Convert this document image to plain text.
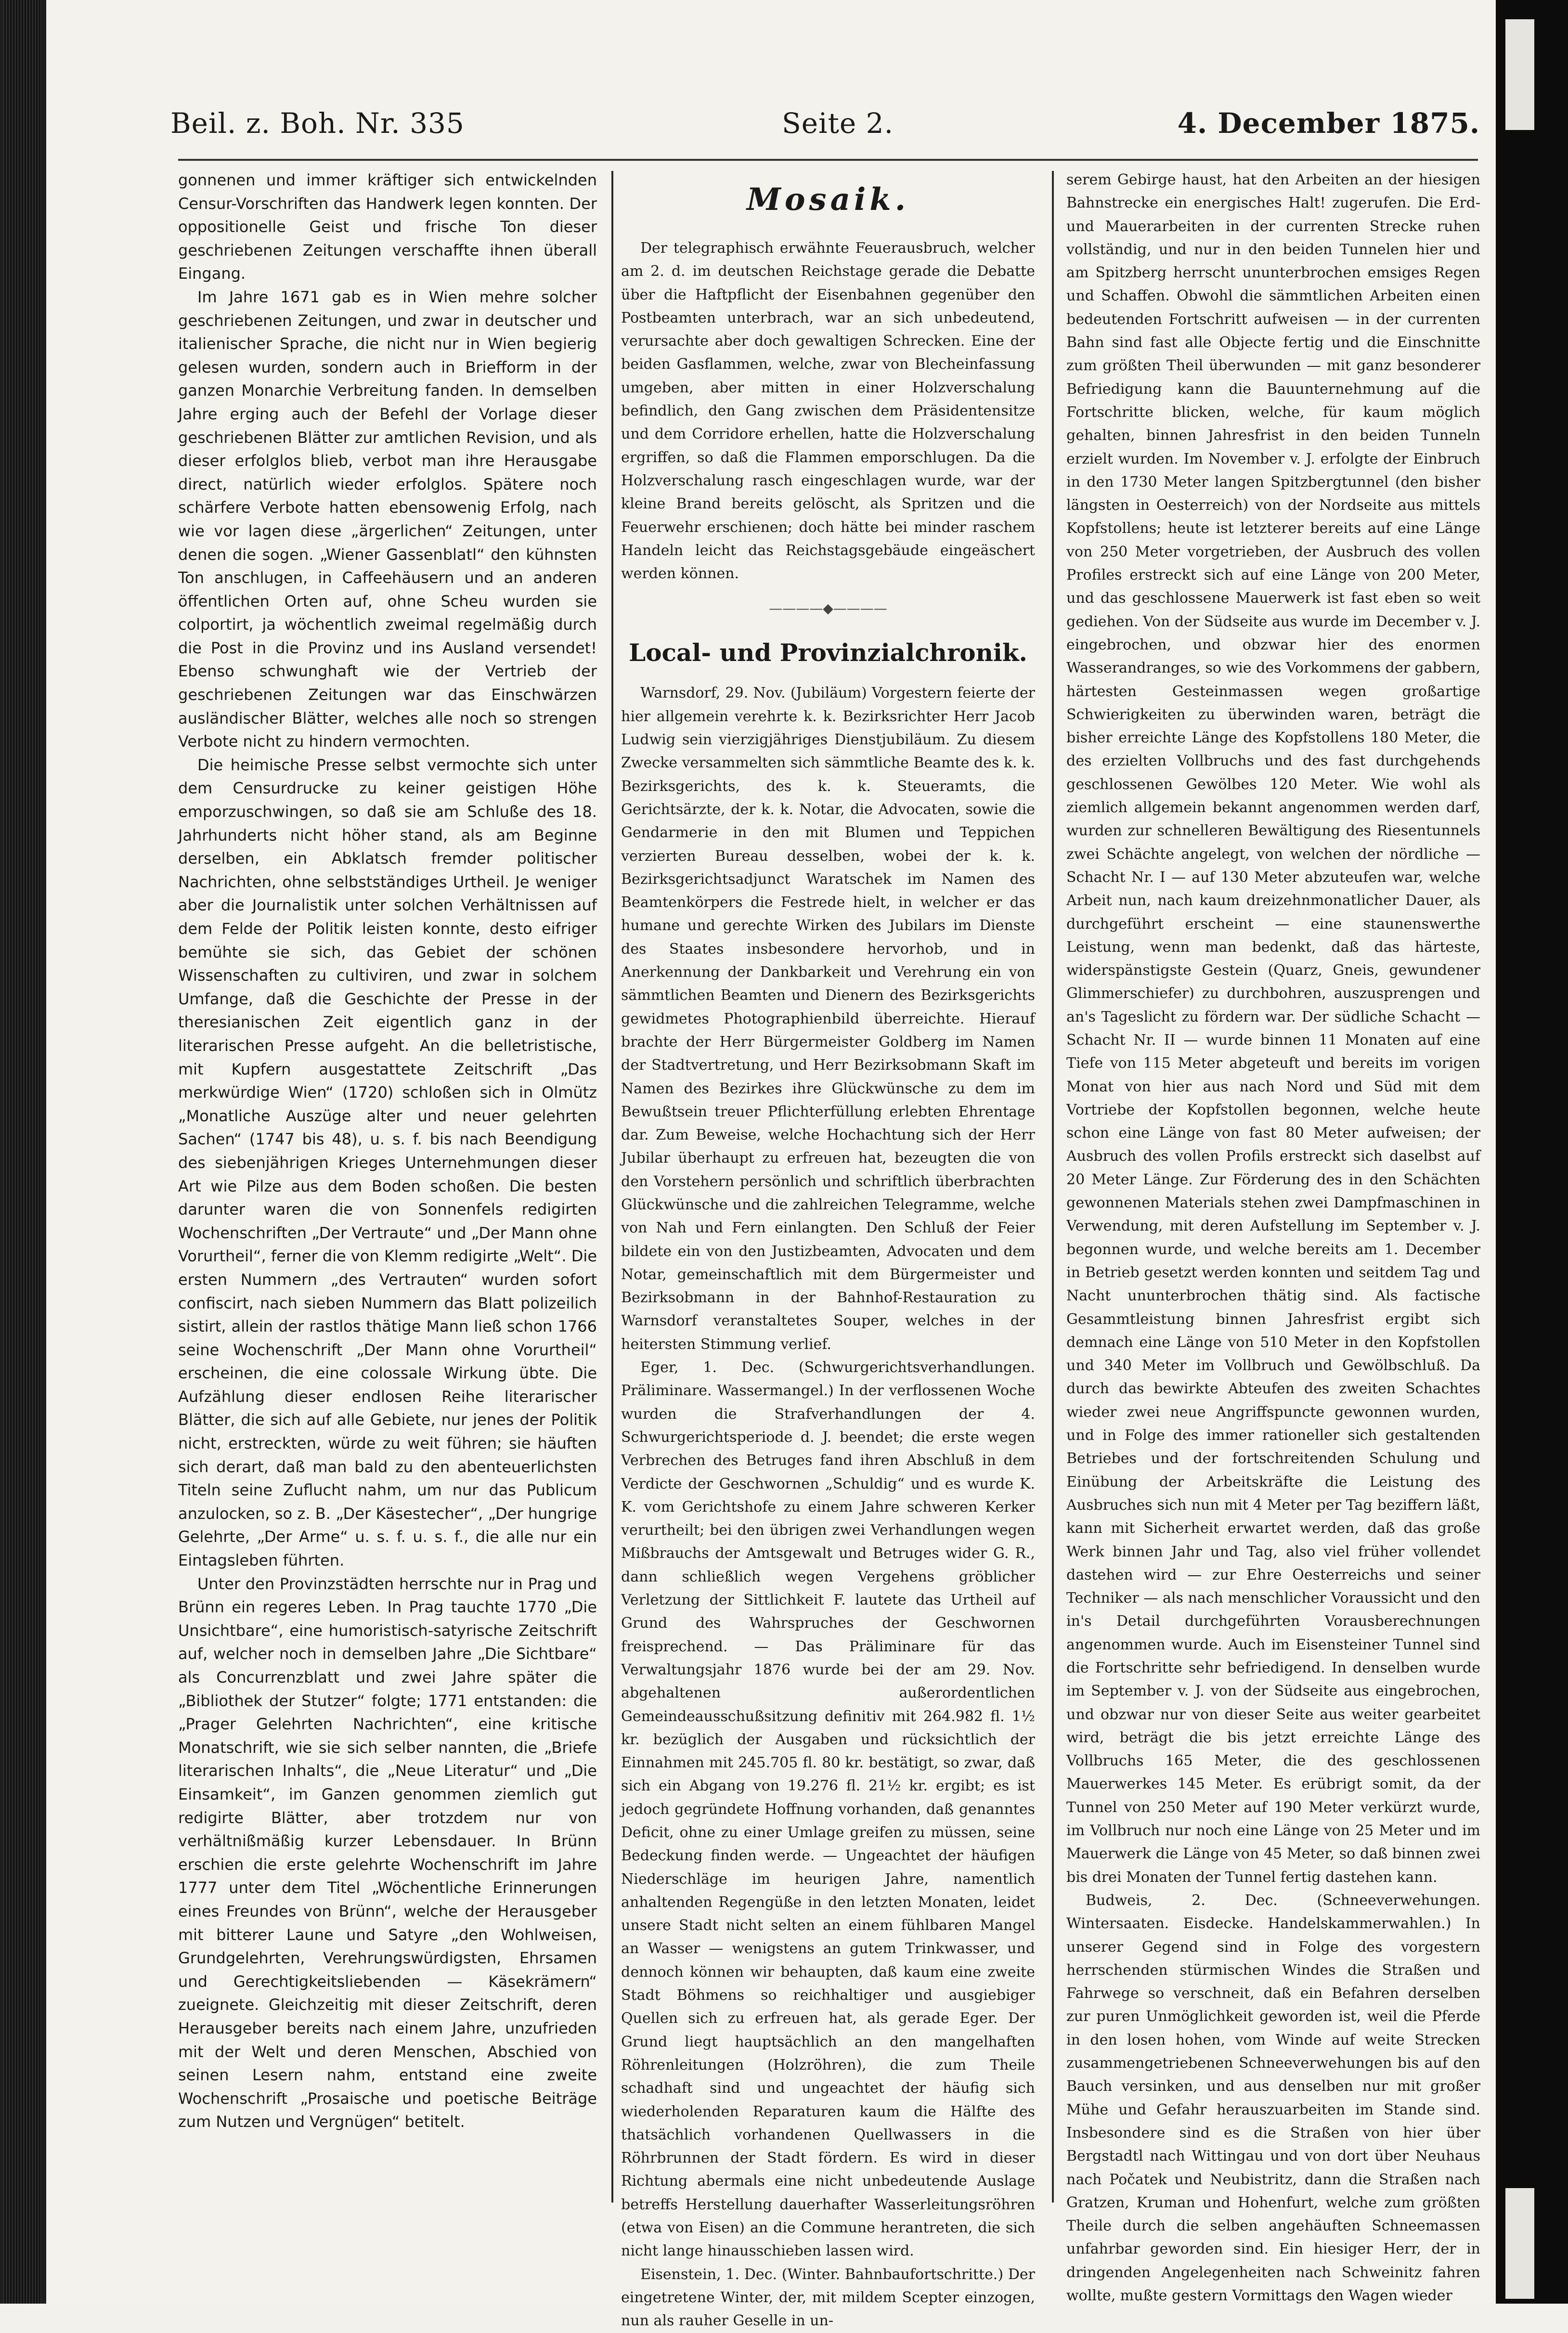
Beil. z. Boh. Nr. 335	Seite 2.	4. December 1875.

gonnenen und immer kräftiger sich entwickelnden Censur-Vorschriften das Handwerk legen konnten. Der oppositionelle Geist und frische Ton dieser geschriebenen Zeitungen verschaffte ihnen überall Eingang.

Im Jahre 1671 gab es in Wien mehre solcher geschriebenen Zeitungen, und zwar in deutscher und italienischer Sprache, die nicht nur in Wien begierig gelesen wurden, sondern auch in Briefform in der ganzen Monarchie Verbreitung fanden. In demselben Jahre erging auch der Befehl der Vorlage dieser geschriebenen Blätter zur amtlichen Revision, und als dieser erfolglos blieb, verbot man ihre Herausgabe direct, natürlich wieder erfolglos. Spätere noch schärfere Verbote hatten ebensowenig Erfolg, nach wie vor lagen diese „ärgerlichen“ Zeitungen, unter denen die sogen. „Wiener Gassenblatl“ den kühnsten Ton anschlugen, in Caffeehäusern und an anderen öffentlichen Orten auf, ohne Scheu wurden sie colportirt, ja wöchentlich zweimal regelmäßig durch die Post in die Provinz und ins Ausland versendet! Ebenso schwunghaft wie der Vertrieb der geschriebenen Zeitungen war das Einschwärzen ausländischer Blätter, welches alle noch so strengen Verbote nicht zu hindern vermochten.

Die heimische Presse selbst vermochte sich unter dem Censurdrucke zu keiner geistigen Höhe emporzuschwingen, so daß sie am Schluße des 18. Jahrhunderts nicht höher stand, als am Beginne derselben, ein Abklatsch fremder politischer Nachrichten, ohne selbstständiges Urtheil. Je weniger aber die Journalistik unter solchen Verhältnissen auf dem Felde der Politik leisten konnte, desto eifriger bemühte sie sich, das Gebiet der schönen Wissenschaften zu cultiviren, und zwar in solchem Umfange, daß die Geschichte der Presse in der theresianischen Zeit eigentlich ganz in der literarischen Presse aufgeht. An die belletristische, mit Kupfern ausgestattete Zeitschrift „Das merkwürdige Wien“ (1720) schloßen sich in Olmütz „Monatliche Auszüge alter und neuer gelehrten Sachen“ (1747 bis 48), u. s. f. bis nach Beendigung des siebenjährigen Krieges Unternehmungen dieser Art wie Pilze aus dem Boden schoßen. Die besten darunter waren die von Sonnenfels redigirten Wochenschriften „Der Vertraute“ und „Der Mann ohne Vorurtheil“, ferner die von Klemm redigirte „Welt“. Die ersten Nummern „des Vertrauten“ wurden sofort confiscirt, nach sieben Nummern das Blatt polizeilich sistirt, allein der rastlos thätige Mann ließ schon 1766 seine Wochenschrift „Der Mann ohne Vorurtheil“ erscheinen, die eine colossale Wirkung übte. Die Aufzählung dieser endlosen Reihe literarischer Blätter, die sich auf alle Gebiete, nur jenes der Politik nicht, erstreckten, würde zu weit führen; sie häuften sich derart, daß man bald zu den abenteuerlichsten Titeln seine Zuflucht nahm, um nur das Publicum anzulocken, so z. B. „Der Käsestecher“, „Der hungrige Gelehrte, „Der Arme“ u. s. f. u. s. f., die alle nur ein Eintagsleben führten.

Unter den Provinzstädten herrschte nur in Prag und Brünn ein regeres Leben. In Prag tauchte 1770 „Die Unsichtbare“, eine humoristisch-satyrische Zeitschrift auf, welcher noch in demselben Jahre „Die Sichtbare“ als Concurrenzblatt und zwei Jahre später die „Bibliothek der Stutzer“ folgte; 1771 entstanden: die „Prager Gelehrten Nachrichten“, eine kritische Monatschrift, wie sie sich selber nannten, die „Briefe literarischen Inhalts“, die „Neue Literatur“ und „Die Einsamkeit“, im Ganzen genommen ziemlich gut redigirte Blätter, aber trotzdem nur von verhältnißmäßig kurzer Lebensdauer. In Brünn erschien die erste gelehrte Wochenschrift im Jahre 1777 unter dem Titel „Wöchentliche Erinnerungen eines Freundes von Brünn“, welche der Herausgeber mit bitterer Laune und Satyre „den Wohlweisen, Grundgelehrten, Verehrungswürdigsten, Ehrsamen und Gerechtigkeitsliebenden — Käsekrämern“ zueignete. Gleichzeitig mit dieser Zeitschrift, deren Herausgeber bereits nach einem Jahre, unzufrieden mit der Welt und deren Menschen, Abschied von seinen Lesern nahm, entstand eine zweite Wochenschrift „Prosaische und poetische Beiträge zum Nutzen und Vergnügen“ betitelt.

Mosaik.

Der telegraphisch erwähnte Feuerausbruch, welcher am 2. d. im deutschen Reichstage gerade die Debatte über die Haftpflicht der Eisenbahnen gegenüber den Postbeamten unterbrach, war an sich unbedeutend, verursachte aber doch gewaltigen Schrecken. Eine der beiden Gasflammen, welche, zwar von Blecheinfassung umgeben, aber mitten in einer Holzverschalung befindlich, den Gang zwischen dem Präsidentensitze und dem Corridore erhellen, hatte die Holzverschalung ergriffen, so daß die Flammen emporschlugen. Da die Holzverschalung rasch eingeschlagen wurde, war der kleine Brand bereits gelöscht, als Spritzen und die Feuerwehr erschienen; doch hätte bei minder raschem Handeln leicht das Reichstagsgebäude eingeäschert werden können.

————◆————
Local- und Provinzialchronik.

Warnsdorf, 29. Nov. (Jubiläum) Vorgestern feierte der hier allgemein verehrte k. k. Bezirksrichter Herr Jacob Ludwig sein vierzigjähriges Dienstjubiläum. Zu diesem Zwecke versammelten sich sämmtliche Beamte des k. k. Bezirksgerichts, des k. k. Steueramts, die Gerichtsärzte, der k. k. Notar, die Advocaten, sowie die Gendarmerie in den mit Blumen und Teppichen verzierten Bureau desselben, wobei der k. k. Bezirksgerichtsadjunct Waratschek im Namen des Beamtenkörpers die Festrede hielt, in welcher er das humane und gerechte Wirken des Jubilars im Dienste des Staates insbesondere hervorhob, und in Anerkennung der Dankbarkeit und Verehrung ein von sämmtlichen Beamten und Dienern des Bezirksgerichts gewidmetes Photographienbild überreichte. Hierauf brachte der Herr Bürgermeister Goldberg im Namen der Stadtvertretung, und Herr Bezirksobmann Skaft im Namen des Bezirkes ihre Glückwünsche zu dem im Bewußtsein treuer Pflichterfüllung erlebten Ehrentage dar. Zum Beweise, welche Hochachtung sich der Herr Jubilar überhaupt zu erfreuen hat, bezeugten die von den Vorstehern persönlich und schriftlich überbrachten Glückwünsche und die zahlreichen Telegramme, welche von Nah und Fern einlangten. Den Schluß der Feier bildete ein von den Justizbeamten, Advocaten und dem Notar, gemeinschaftlich mit dem Bürgermeister und Bezirksobmann in der Bahnhof-Restauration zu Warnsdorf veranstaltetes Souper, welches in der heitersten Stimmung verlief.

Eger, 1. Dec. (Schwurgerichtsverhandlungen. Präliminare. Wassermangel.) In der verflossenen Woche wurden die Strafverhandlungen der 4. Schwurgerichtsperiode d. J. beendet; die erste wegen Verbrechen des Betruges fand ihren Abschluß in dem Verdicte der Geschwornen „Schuldig“ und es wurde K. K. vom Gerichtshofe zu einem Jahre schweren Kerker verurtheilt; bei den übrigen zwei Verhandlungen wegen Mißbrauchs der Amtsgewalt und Betruges wider G. R., dann schließlich wegen Vergehens gröblicher Verletzung der Sittlichkeit F. lautete das Urtheil auf Grund des Wahrspruches der Geschwornen freisprechend. — Das Präliminare für das Verwaltungsjahr 1876 wurde bei der am 29. Nov. abgehaltenen außerordentlichen Gemeindeausschußsitzung definitiv mit 264.982 fl. 1½ kr. bezüglich der Ausgaben und rücksichtlich der Einnahmen mit 245.705 fl. 80 kr. bestätigt, so zwar, daß sich ein Abgang von 19.276 fl. 21½ kr. ergibt; es ist jedoch gegründete Hoffnung vorhanden, daß genanntes Deficit, ohne zu einer Umlage greifen zu müssen, seine Bedeckung finden werde. — Ungeachtet der häufigen Niederschläge im heurigen Jahre, namentlich anhaltenden Regengüße in den letzten Monaten, leidet unsere Stadt nicht selten an einem fühlbaren Mangel an Wasser — wenigstens an gutem Trinkwasser, und dennoch können wir behaupten, daß kaum eine zweite Stadt Böhmens so reichhaltiger und ausgiebiger Quellen sich zu erfreuen hat, als gerade Eger. Der Grund liegt hauptsächlich an den mangelhaften Röhrenleitungen (Holzröhren), die zum Theile schadhaft sind und ungeachtet der häufig sich wiederholenden Reparaturen kaum die Hälfte des thatsächlich vorhandenen Quellwassers in die Röhrbrunnen der Stadt fördern. Es wird in dieser Richtung abermals eine nicht unbedeutende Auslage betreffs Herstellung dauerhafter Wasserleitungsröhren (etwa von Eisen) an die Commune herantreten, die sich nicht lange hinausschieben lassen wird.

Eisenstein, 1. Dec. (Winter. Bahnbaufortschritte.) Der eingetretene Winter, der, mit mildem Scepter einzogen, nun als rauher Geselle in un-

serem Gebirge haust, hat den Arbeiten an der hiesigen Bahnstrecke ein energisches Halt! zugerufen. Die Erd- und Mauerarbeiten in der currenten Strecke ruhen vollständig, und nur in den beiden Tunnelen hier und am Spitzberg herrscht ununterbrochen emsiges Regen und Schaffen. Obwohl die sämmtlichen Arbeiten einen bedeutenden Fortschritt aufweisen — in der currenten Bahn sind fast alle Objecte fertig und die Einschnitte zum größten Theil überwunden — mit ganz besonderer Befriedigung kann die Bauunternehmung auf die Fortschritte blicken, welche, für kaum möglich gehalten, binnen Jahresfrist in den beiden Tunneln erzielt wurden. Im November v. J. erfolgte der Einbruch in den 1730 Meter langen Spitzbergtunnel (den bisher längsten in Oesterreich) von der Nordseite aus mittels Kopfstollens; heute ist letzterer bereits auf eine Länge von 250 Meter vorgetrieben, der Ausbruch des vollen Profiles erstreckt sich auf eine Länge von 200 Meter, und das geschlossene Mauerwerk ist fast eben so weit gediehen. Von der Südseite aus wurde im December v. J. eingebrochen, und obzwar hier des enormen Wasserandranges, so wie des Vorkommens der gabbern, härtesten Gesteinmassen wegen großartige Schwierigkeiten zu überwinden waren, beträgt die bisher erreichte Länge des Kopfstollens 180 Meter, die des erzielten Vollbruchs und des fast durchgehends geschlossenen Gewölbes 120 Meter. Wie wohl als ziemlich allgemein bekannt angenommen werden darf, wurden zur schnelleren Bewältigung des Riesentunnels zwei Schächte angelegt, von welchen der nördliche — Schacht Nr. I — auf 130 Meter abzuteufen war, welche Arbeit nun, nach kaum dreizehnmonatlicher Dauer, als durchgeführt erscheint — eine staunenswerthe Leistung, wenn man bedenkt, daß das härteste, widerspänstigste Gestein (Quarz, Gneis, gewundener Glimmerschiefer) zu durchbohren, auszusprengen und an's Tageslicht zu fördern war. Der südliche Schacht — Schacht Nr. II — wurde binnen 11 Monaten auf eine Tiefe von 115 Meter abgeteuft und bereits im vorigen Monat von hier aus nach Nord und Süd mit dem Vortriebe der Kopfstollen begonnen, welche heute schon eine Länge von fast 80 Meter aufweisen; der Ausbruch des vollen Profils erstreckt sich daselbst auf 20 Meter Länge. Zur Förderung des in den Schächten gewonnenen Materials stehen zwei Dampfmaschinen in Verwendung, mit deren Aufstellung im September v. J. begonnen wurde, und welche bereits am 1. December in Betrieb gesetzt werden konnten und seitdem Tag und Nacht ununterbrochen thätig sind. Als factische Gesammtleistung binnen Jahresfrist ergibt sich demnach eine Länge von 510 Meter in den Kopfstollen und 340 Meter im Vollbruch und Gewölbschluß. Da durch das bewirkte Abteufen des zweiten Schachtes wieder zwei neue Angriffspuncte gewonnen wurden, und in Folge des immer rationeller sich gestaltenden Betriebes und der fortschreitenden Schulung und Einübung der Arbeitskräfte die Leistung des Ausbruches sich nun mit 4 Meter per Tag beziffern läßt, kann mit Sicherheit erwartet werden, daß das große Werk binnen Jahr und Tag, also viel früher vollendet dastehen wird — zur Ehre Oesterreichs und seiner Techniker — als nach menschlicher Voraussicht und den in's Detail durchgeführten Vorausberechnungen angenommen wurde. Auch im Eisensteiner Tunnel sind die Fortschritte sehr befriedigend. In denselben wurde im September v. J. von der Südseite aus eingebrochen, und obzwar nur von dieser Seite aus weiter gearbeitet wird, beträgt die bis jetzt erreichte Länge des Vollbruchs 165 Meter, die des geschlossenen Mauerwerkes 145 Meter. Es erübrigt somit, da der Tunnel von 250 Meter auf 190 Meter verkürzt wurde, im Vollbruch nur noch eine Länge von 25 Meter und im Mauerwerk die Länge von 45 Meter, so daß binnen zwei bis drei Monaten der Tunnel fertig dastehen kann.

Budweis, 2. Dec. (Schneeverwehungen. Wintersaaten. Eisdecke. Handelskammerwahlen.) In unserer Gegend sind in Folge des vorgestern herrschenden stürmischen Windes die Straßen und Fahrwege so verschneit, daß ein Befahren derselben zur puren Unmöglichkeit geworden ist, weil die Pferde in den losen hohen, vom Winde auf weite Strecken zusammengetriebenen Schneeverwehungen bis auf den Bauch versinken, und aus denselben nur mit großer Mühe und Gefahr herauszuarbeiten im Stande sind. Insbesondere sind es die Straßen von hier über Bergstadtl nach Wittingau und von dort über Neuhaus nach Počatek und Neubistritz, dann die Straßen nach Gratzen, Kruman und Hohenfurt, welche zum größten Theile durch die selben angehäuften Schneemassen unfahrbar geworden sind. Ein hiesiger Herr, der in dringenden Angelegenheiten nach Schweinitz fahren wollte, mußte gestern Vormittags den Wagen wieder
